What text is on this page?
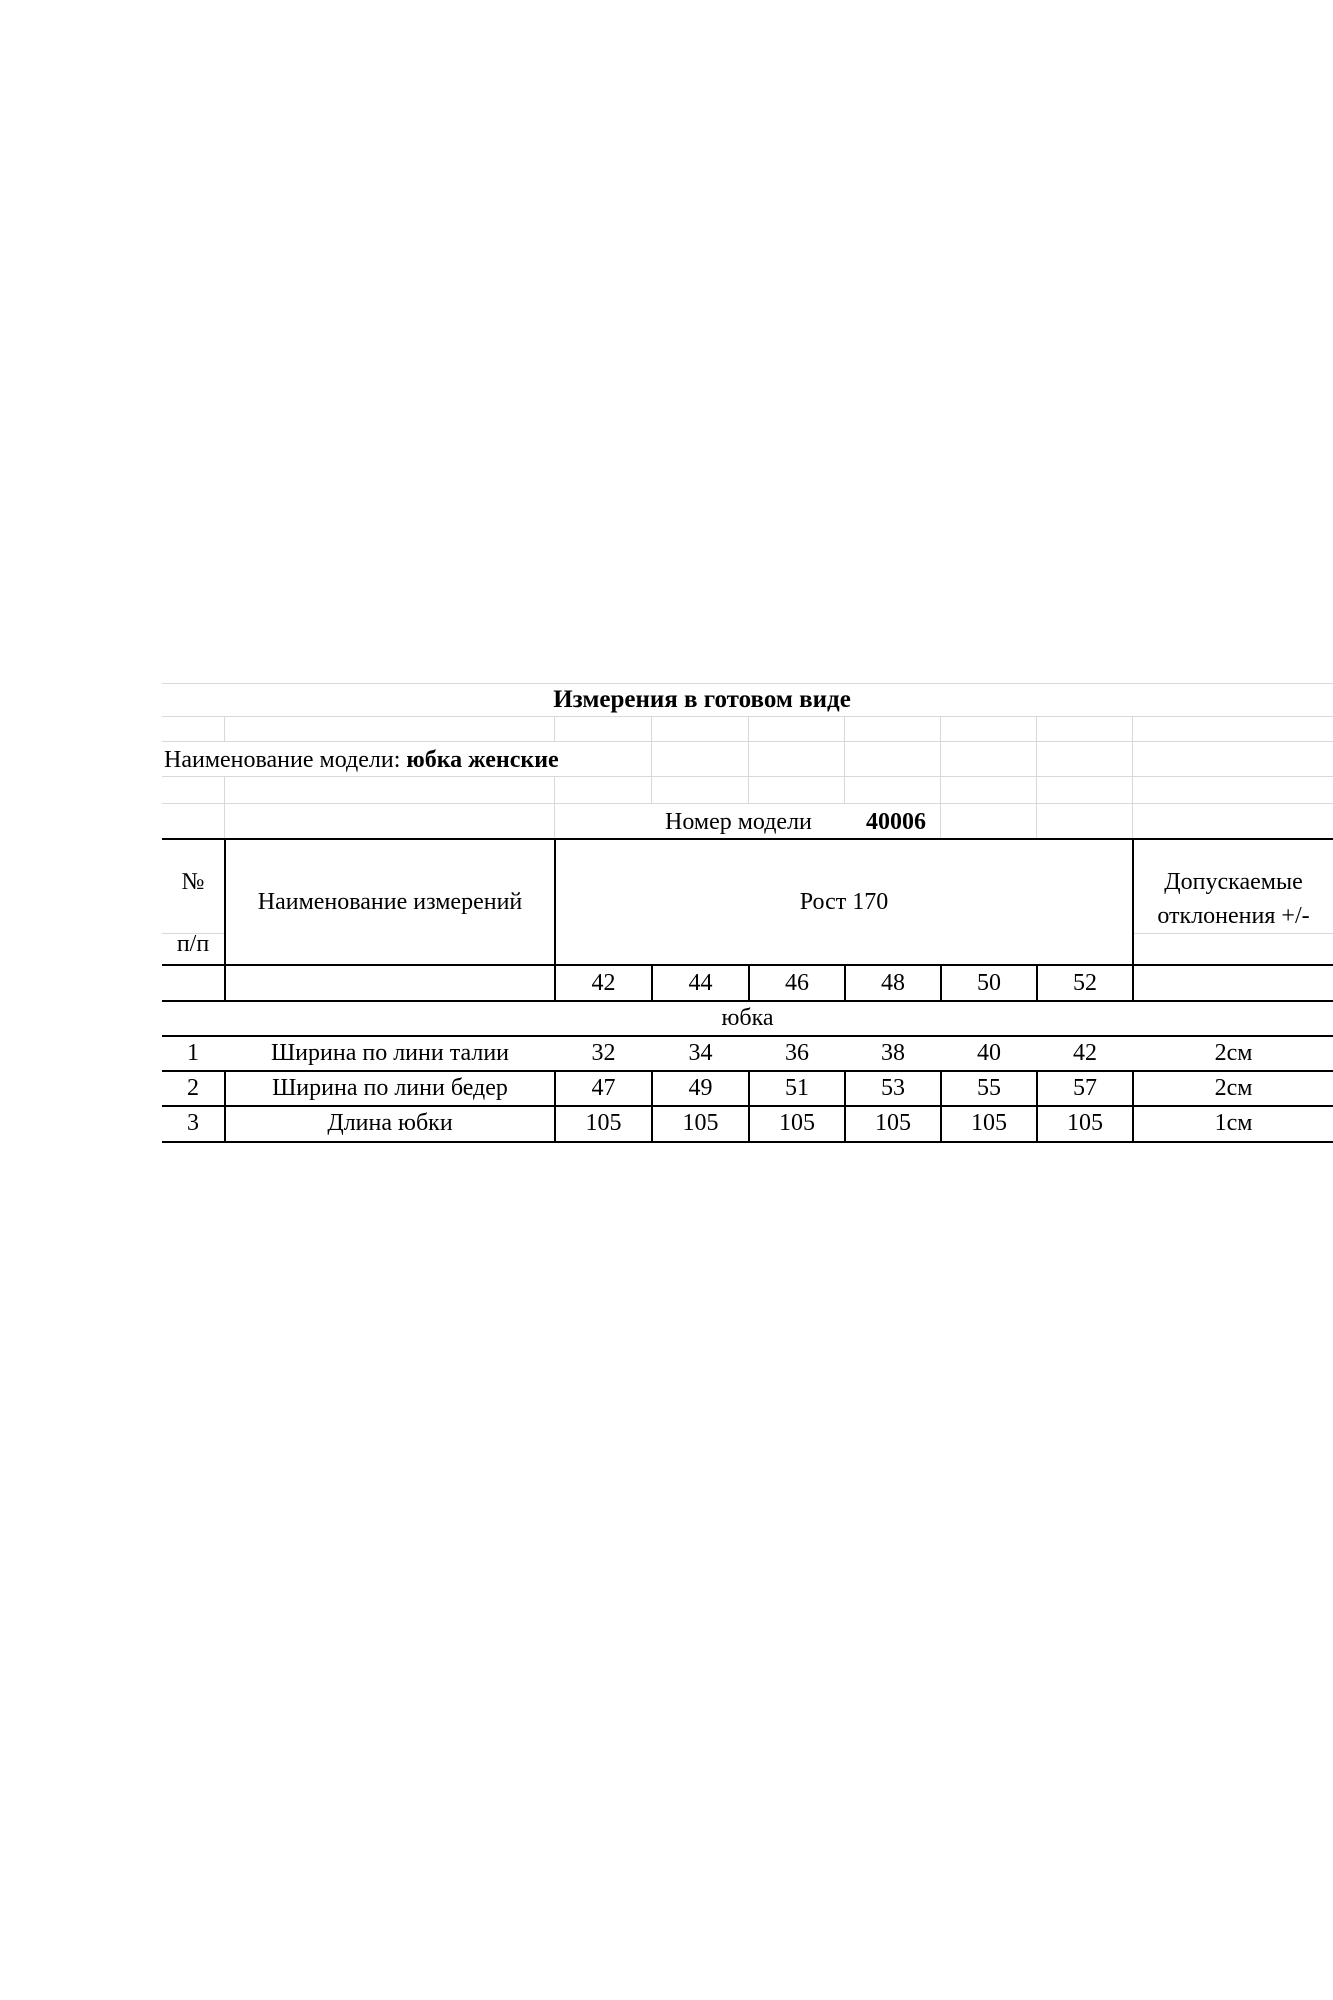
Измерения в готовом виде
Наименование модели: юбка женские
Номер модели 40006
№
п/п
Наименование измерений	Рост 170
Допускаемые
отклонения +/-
42	44	46	48	50	52
юбка
1	Ширина по лини талии	32	34	36	38	40	42	2см
2	Ширина по лини бедер	47	49	51	53	55	57	2см
3	Длина юбки	105	105	105	105	105	105	1см
